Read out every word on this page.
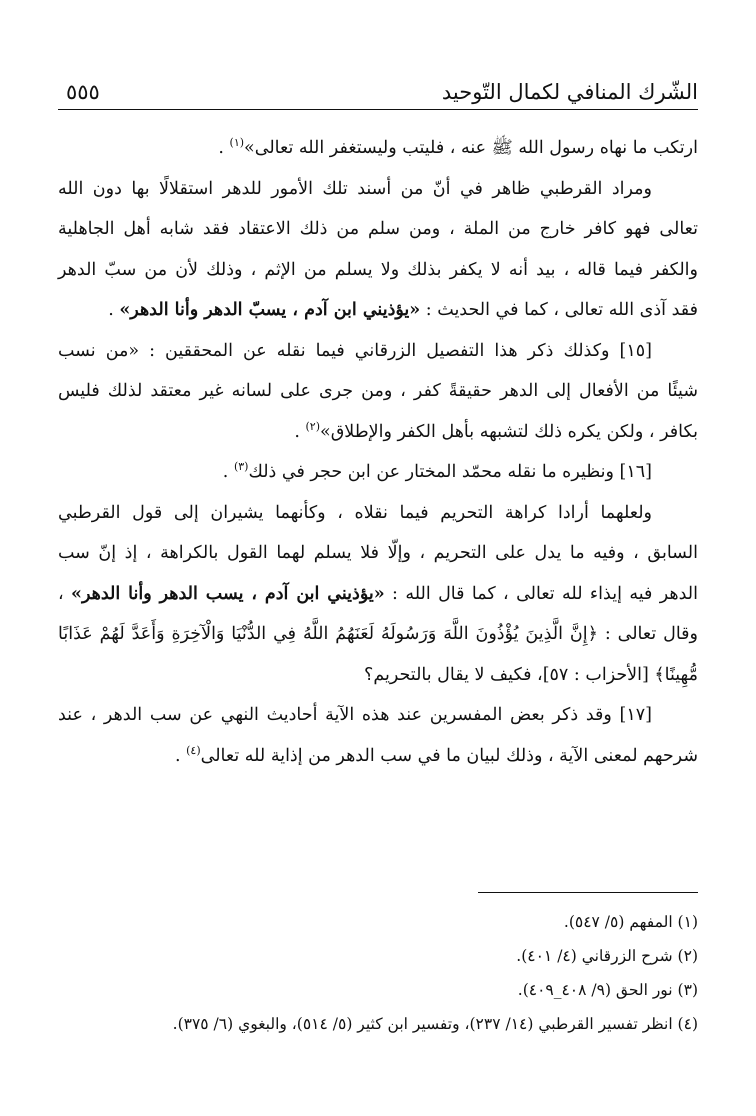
الشّرك المنافي لكمال التّوحيد
٥٥٥

ارتكب ما نهاه رسول الله ﷺ عنه ، فليتب وليستغفر الله تعالى»$^{(١)}$ .

ومراد القرطبي ظاهر في أنّ من أسند تلك الأمور للدهر استقلالًا بها دون الله

تعالى فهو كافر خارج من الملة ، ومن سلم من ذلك الاعتقاد فقد شابه أهل الجاهلية
والكفر فيما قاله ، بيد أنه لا يكفر بذلك ولا يسلم من الإثم ، وذلك لأن من سبّ الدهر
فقد آذى الله تعالى ، كما في الحديث : «يؤذيني ابن آدم ، يسبّ الدهر وأنا الدهر» .

[١٥] وكذلك ذكر هذا التفصيل الزرقاني فيما نقله عن المحققين : «من نسب

شيئًا من الأفعال إلى الدهر حقيقةً كفر ، ومن جرى على لسانه غير معتقد لذلك فليس
بكافر ، ولكن يكره ذلك لتشبهه بأهل الكفر والإطلاق»$^{(٢)}$ .

[١٦] ونظيره ما نقله محمّد المختار عن ابن حجر في ذلك$^{(٣)}$ .

ولعلهما أرادا كراهة التحريم فيما نقلاه ، وكأنهما يشيران إلى قول القرطبي

السابق ، وفيه ما يدل على التحريم ، وإلّا فلا يسلم لهما القول بالكراهة ، إذ إنّ سب
الدهر فيه إيذاء لله تعالى ، كما قال الله : «يؤذيني ابن آدم ، يسب الدهر وأنا الدهر» ،
وقال تعالى : ﴿إِنَّ الَّذِينَ يُؤْذُونَ اللَّهَ وَرَسُولَهُ لَعَنَهُمُ اللَّهُ فِي الدُّنْيَا وَالْآخِرَةِ وَأَعَدَّ لَهُمْ عَذَابًا
مُّهِينًا﴾ [الأحزاب : ٥٧]، فكيف لا يقال بالتحريم؟

[١٧] وقد ذكر بعض المفسرين عند هذه الآية أحاديث النهي عن سب الدهر ، عند

شرحهم لمعنى الآية ، وذلك لبيان ما في سب الدهر من إذاية لله تعالى$^{(٤)}$ .

(١) المفهم (٥/ ٥٤٧).
(٢) شرح الزرقاني (٤/ ٤٠١).
(٣) نور الحق (٩/ ٤٠٨_٤٠٩).
(٤) انظر تفسير القرطبي (١٤/ ٢٣٧)، وتفسير ابن كثير (٥/ ٥١٤)، والبغوي (٦/ ٣٧٥).
